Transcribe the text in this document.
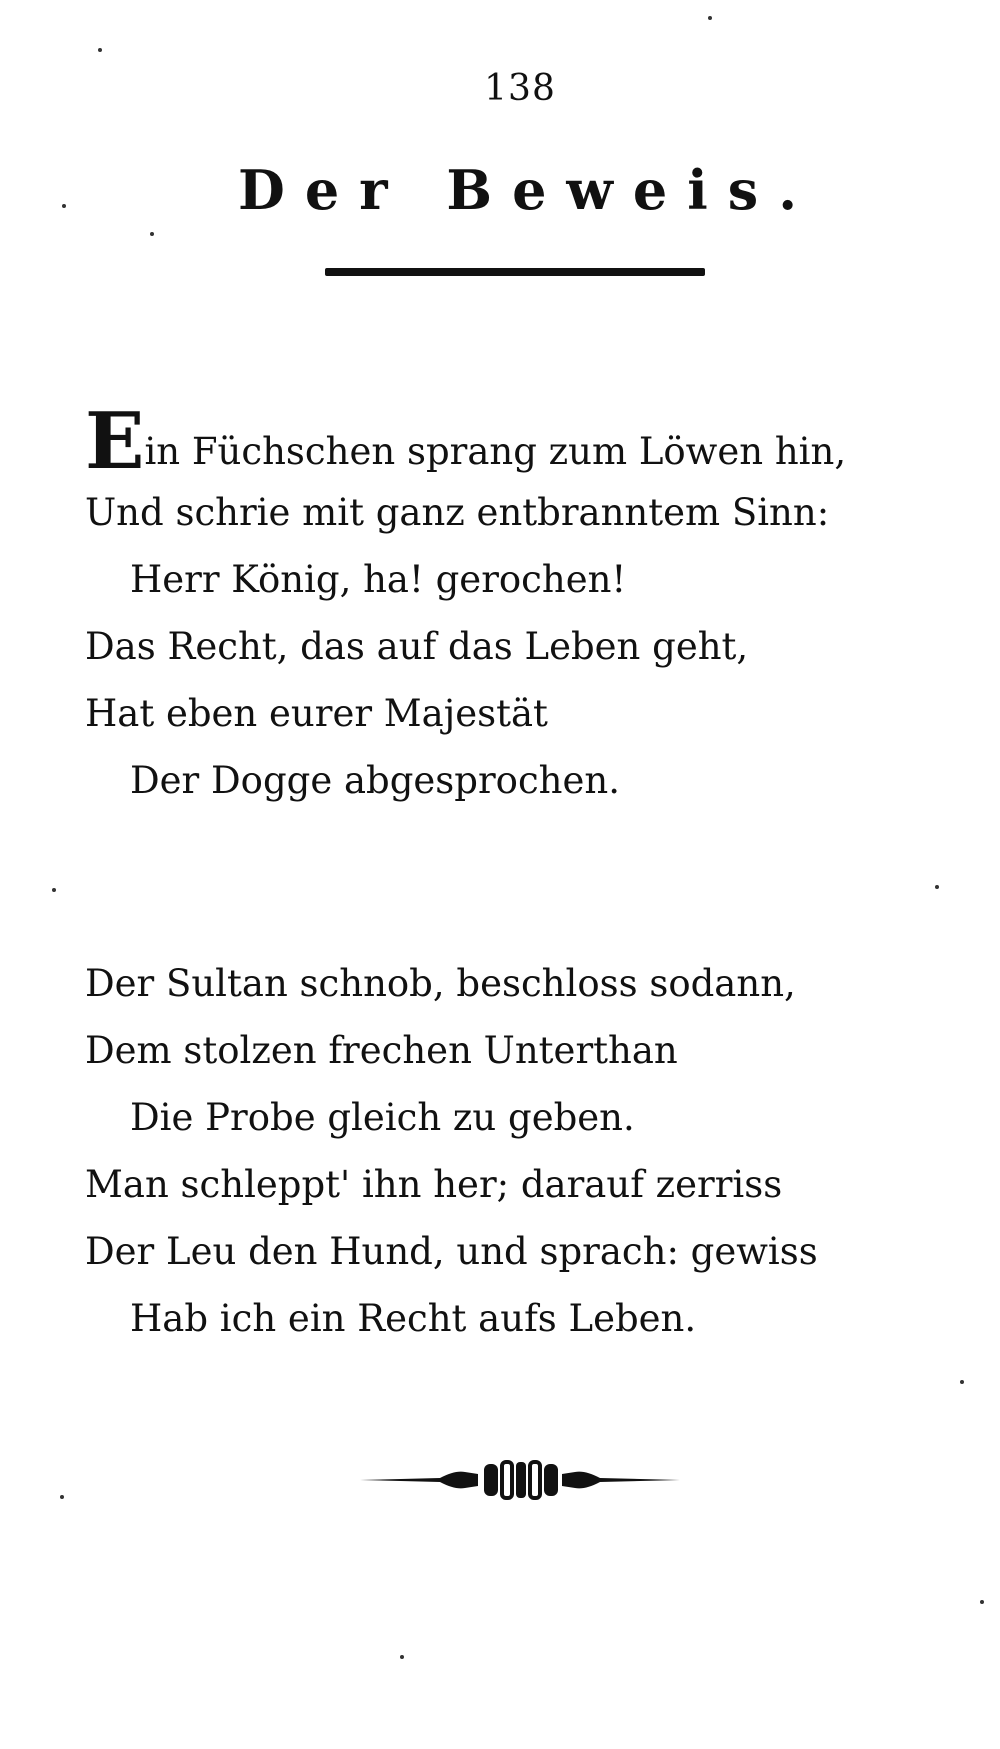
138
Der Beweis.
Ein Füchschen sprang zum Löwen hin,
Und schrie mit ganz entbranntem Sinn:
Herr König, ha! gerochen!
Das Recht, das auf das Leben geht,
Hat eben eurer Majestät
Der Dogge abgesprochen.
Der Sultan schnob, beschloss sodann,
Dem stolzen frechen Unterthan
Die Probe gleich zu geben.
Man schleppt' ihn her; darauf zerriss
Der Leu den Hund, und sprach: gewiss
Hab ich ein Recht aufs Leben.
